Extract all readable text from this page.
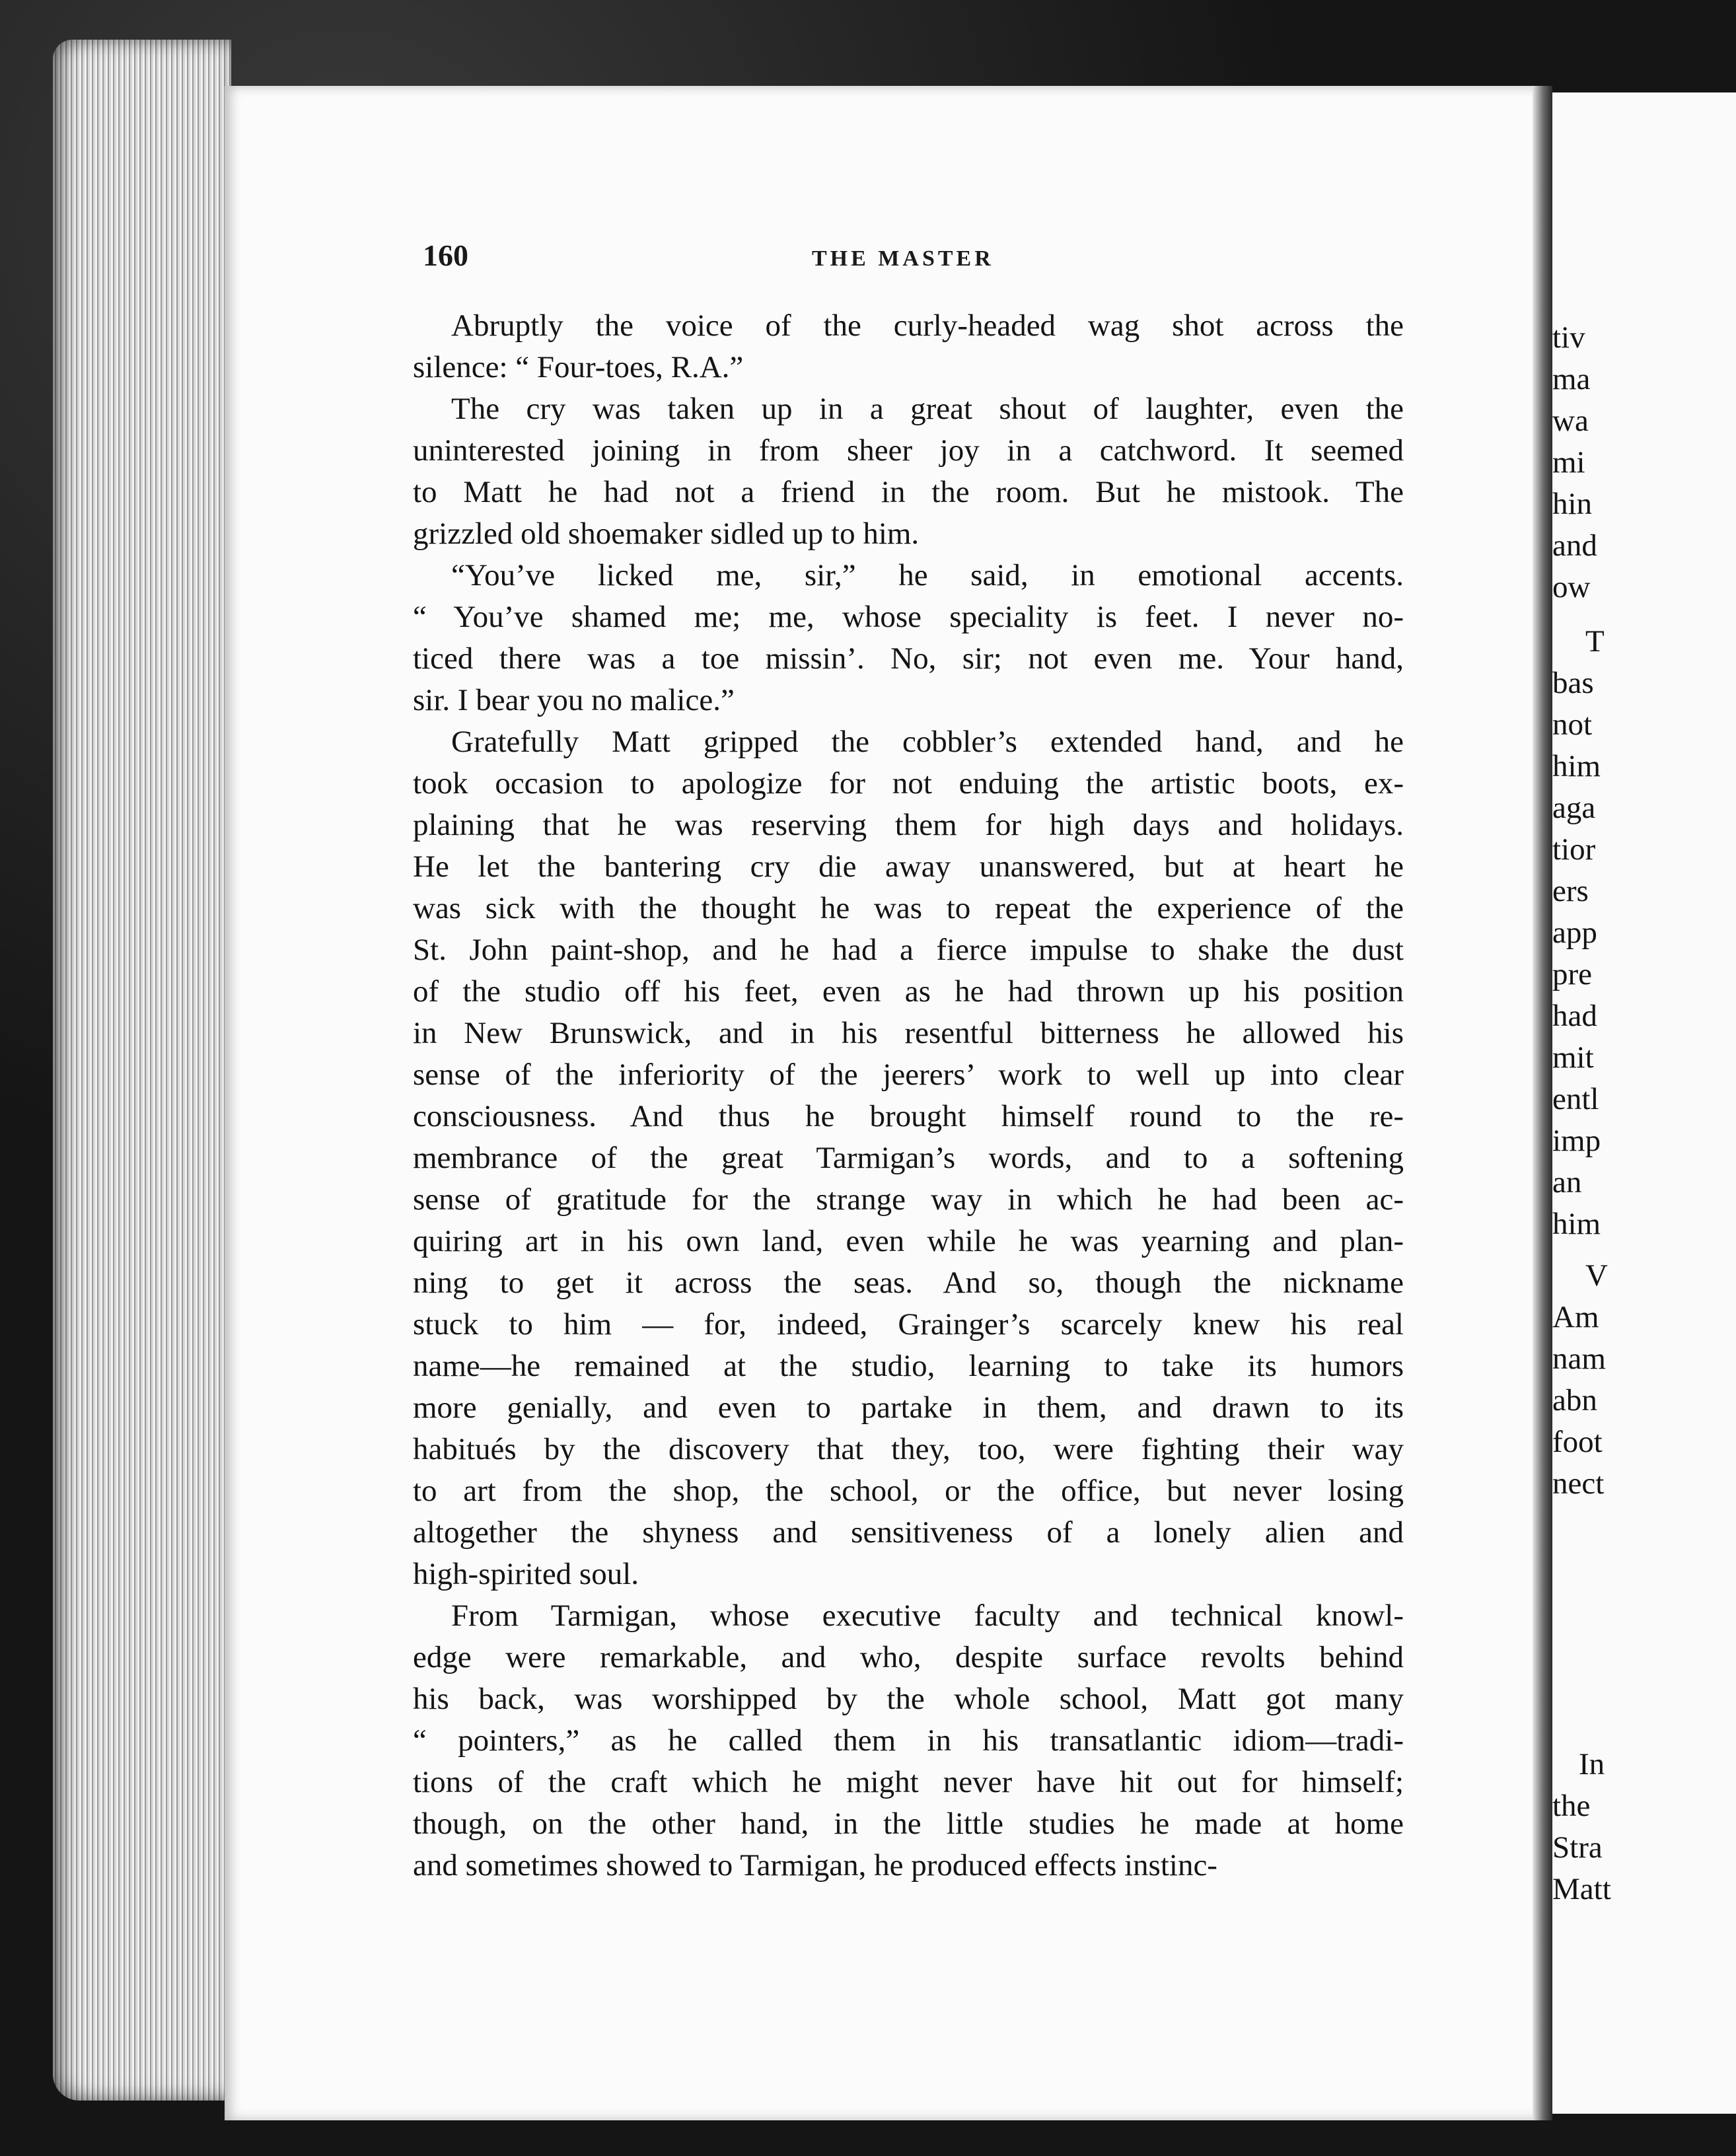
tiv
ma
wa
mi
hin
and
ow
T
bas
not
him
aga
tior
ers
app
pre
had
mit
entl
imp
an
him
V
Am
nam
abn
foot
nect
In
the
Stra
Matt
160	THE MASTER
Abruptly the voice of the curly-headed wag shot across the
silence: “ Four-toes, R.A.”
The cry was taken up in a great shout of laughter, even the
uninterested joining in from sheer joy in a catchword. It seemed
to Matt he had not a friend in the room. But he mistook. The
grizzled old shoemaker sidled up to him.
“You’ve licked me, sir,” he said, in emotional accents.
“ You’ve shamed me; me, whose speciality is feet. I never no-
ticed there was a toe missin’. No, sir; not even me. Your hand,
sir. I bear you no malice.”
Gratefully Matt gripped the cobbler’s extended hand, and he
took occasion to apologize for not enduing the artistic boots, ex-
plaining that he was reserving them for high days and holidays.
He let the bantering cry die away unanswered, but at heart he
was sick with the thought he was to repeat the experience of the
St. John paint-shop, and he had a fierce impulse to shake the dust
of the studio off his feet, even as he had thrown up his position
in New Brunswick, and in his resentful bitterness he allowed his
sense of the inferiority of the jeerers’ work to well up into clear
consciousness. And thus he brought himself round to the re-
membrance of the great Tarmigan’s words, and to a softening
sense of gratitude for the strange way in which he had been ac-
quiring art in his own land, even while he was yearning and plan-
ning to get it across the seas. And so, though the nickname
stuck to him — for, indeed, Grainger’s scarcely knew his real
name—he remained at the studio, learning to take its humors
more genially, and even to partake in them, and drawn to its
habitués by the discovery that they, too, were fighting their way
to art from the shop, the school, or the office, but never losing
altogether the shyness and sensitiveness of a lonely alien and
high-spirited soul.
From Tarmigan, whose executive faculty and technical knowl-
edge were remarkable, and who, despite surface revolts behind
his back, was worshipped by the whole school, Matt got many
“ pointers,” as he called them in his transatlantic idiom—tradi-
tions of the craft which he might never have hit out for himself;
though, on the other hand, in the little studies he made at home
and sometimes showed to Tarmigan, he produced effects instinc-
